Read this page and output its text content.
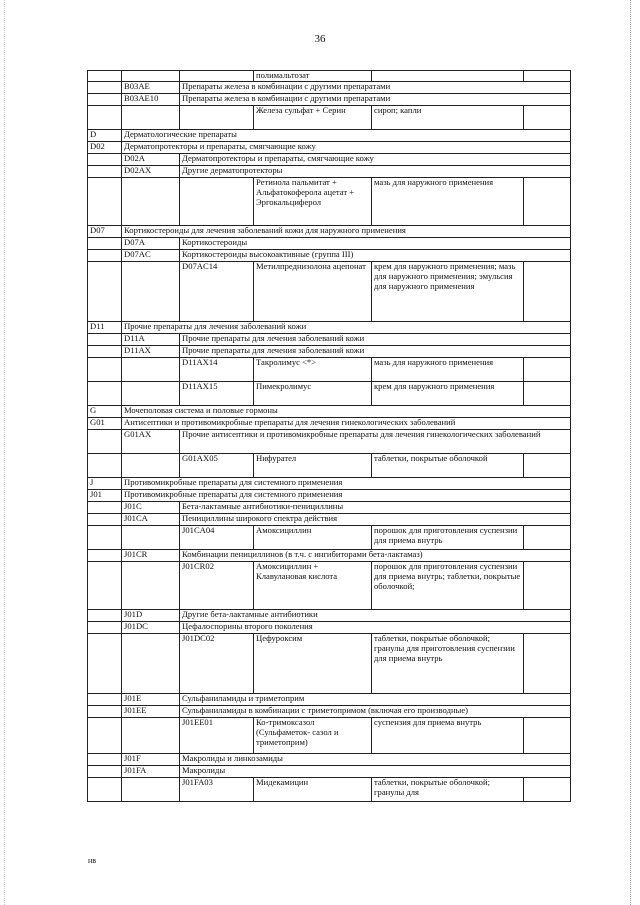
36
			полимальтозат		
	B03AE	Препараты железа в комбинации с другими препаратами			
	B03AE10	Препараты железа в комбинации с другими препаратами			
			Железа сульфат + Серин	сироп; капли	
D	Дерматологические препараты				
D02	Дерматопротекторы и препараты, смягчающие кожу				
	D02A	Дерматопротекторы и препараты, смягчающие кожу			
	D02AX	Другие дерматопротекторы			
			Ретинола пальмитат + Альфатокоферола ацетат + Эргокальциферол	мазь для наружного применения	
D07	Кортикостероиды для лечения заболеваний кожи для наружного применения				
	D07A	Кортикостероиды			
	D07AC	Кортикостероиды высокоактивные (группа III)			
		D07AC14	Метилпреднизолона ацепонат	крем для наружного применения; мазь для наружного применения; эмульсия для наружного применения	
D11	Прочие препараты для лечения заболеваний кожи				
	D11A	Прочие препараты для лечения заболеваний кожи			
	D11AX	Прочие препараты для лечения заболеваний кожи			
		D11AX14	Такролимус <*>	мазь для наружного применения	
		D11AX15	Пимекролимус	крем для наружного применения	
G	Мочеполовая система и половые гормоны				
G01	Антисептики и противомикробные препараты для лечения гинекологических заболеваний				
	G01AX	Прочие антисептики и противомикробные препараты для лечения гинекологических заболеваний			
		G01AX05	Нифурател	таблетки, покрытые оболочкой	
J	Противомикробные препараты для системного применения				
J01	Противомикробные препараты для системного применения				
	J01C	Бета-лактамные антибиотики-пенициллины			
	J01CA	Пенициллины широкого спектра действия			
		J01CA04	Амоксициллин	порошок для приготовления суспензии для приема внутрь	
	J01CR	Комбинации пенициллинов (в т.ч. с ингибиторами бета-лактамаз)			
		J01CR02	Амоксициллин + Клавулановая кислота	порошок для приготовления суспензии для приема внутрь; таблетки, покрытые оболочкой;	
	J01D	Другие бета-лактамные антибиотики			
	J01DC	Цефалоспорины второго поколения			
		J01DC02	Цефуроксим	таблетки, покрытые оболочкой; гранулы для приготовления суспензии для приема внутрь	
	J01E	Сульфаниламиды и триметоприм			
	J01EE	Сульфаниламиды в комбинации с триметопримом (включая его производные)			
		J01EE01	Ко-тримоксазол (Сульфаметок- сазол и триметоприм)	суспензия для приема внутрь	
	J01F	Макролиды и линкозамиды			
	J01FA	Макролиды			
		J01FA03	Мидекамицин	таблетки, покрытые оболочкой; гранулы для	
нв
